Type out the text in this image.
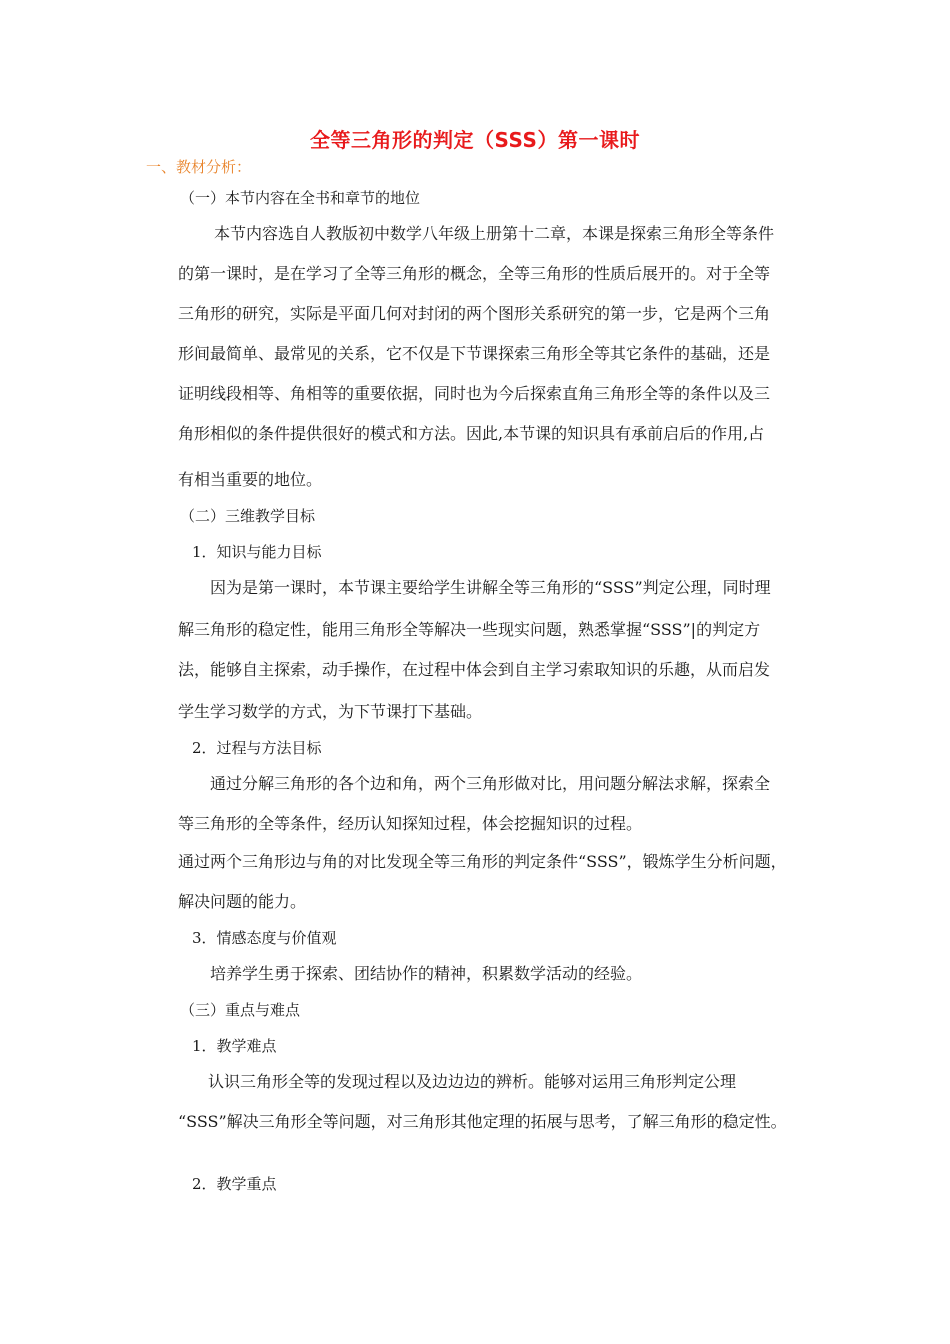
全等三角形的判定（SSS）第一课时
一、教材分析：
（一）本节内容在全书和章节的地位
本节内容选自人教版初中数学八年级上册第十二章，本课是探索三角形全等条件
的第一课时，是在学习了全等三角形的概念，全等三角形的性质后展开的。对于全等
三角形的研究，实际是平面几何对封闭的两个图形关系研究的第一步，它是两个三角
形间最简单、最常见的关系，它不仅是下节课探索三角形全等其它条件的基础，还是
证明线段相等、角相等的重要依据，同时也为今后探索直角三角形全等的条件以及三
角形相似的条件提供很好的模式和方法。因此,本节课的知识具有承前启后的作用,占
有相当重要的地位。
（二）三维教学目标
1．知识与能力目标
因为是第一课时，本节课主要给学生讲解全等三角形的“SSS”判定公理，同时理
解三角形的稳定性，能用三角形全等解决一些现实问题，熟悉掌握“SSS”|的判定方
法，能够自主探索，动手操作，在过程中体会到自主学习索取知识的乐趣，从而启发
学生学习数学的方式，为下节课打下基础。
2．过程与方法目标
通过分解三角形的各个边和角，两个三角形做对比，用问题分解法求解，探索全
等三角形的全等条件，经历认知探知过程，体会挖掘知识的过程。
通过两个三角形边与角的对比发现全等三角形的判定条件“SSS”，锻炼学生分析问题，
解决问题的能力。
3．情感态度与价值观
培养学生勇于探索、团结协作的精神，积累数学活动的经验。
（三）重点与难点
1．教学难点
认识三角形全等的发现过程以及边边边的辨析。能够对运用三角形判定公理
“SSS”解决三角形全等问题，对三角形其他定理的拓展与思考，了解三角形的稳定性。
2．教学重点
